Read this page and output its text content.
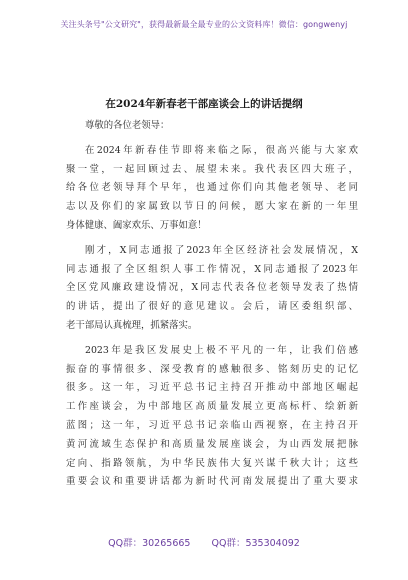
关注头条号"公文研究"，获得最新最全最专业的公文资料库！微信：gongwenyj
在2024年新春老干部座谈会上的讲话提纲
尊敬的各位老领导：
在2024年新春佳节即将来临之际，很高兴能与大家欢
聚一堂，一起回顾过去、展望未来。我代表区四大班子，
给各位老领导拜个早年，也通过你们向其他老领导、老同
志以及你们的家属致以节日的问候，愿大家在新的一年里
身体健康、阖家欢乐、万事如意！
刚才，X同志通报了2023年全区经济社会发展情况，X
同志通报了全区组织人事工作情况，X同志通报了2023年
全区党风廉政建设情况，X同志代表各位老领导发表了热情
的讲话，提出了很好的意见建议。会后，请区委组织部、
老干部局认真梳理，抓紧落实。
2023年是我区发展史上极不平凡的一年，让我们倍感
振奋的事情很多、深受教育的感触很多、铭刻历史的记忆
很多。这一年，习近平总书记主持召开推动中部地区崛起
工作座谈会，为中部地区高质量发展立更高标杆、绘新新
蓝图；这一年，习近平总书记亲临山西视察，在主持召开
黄河流域生态保护和高质量发展座谈会，为山西发展把脉
定向、指路领航，为中华民族伟大复兴谋千秋大计；这些
重要会议和重要讲话都为新时代河南发展提出了重大要求
QQ群：30265665 QQ群：535304092
